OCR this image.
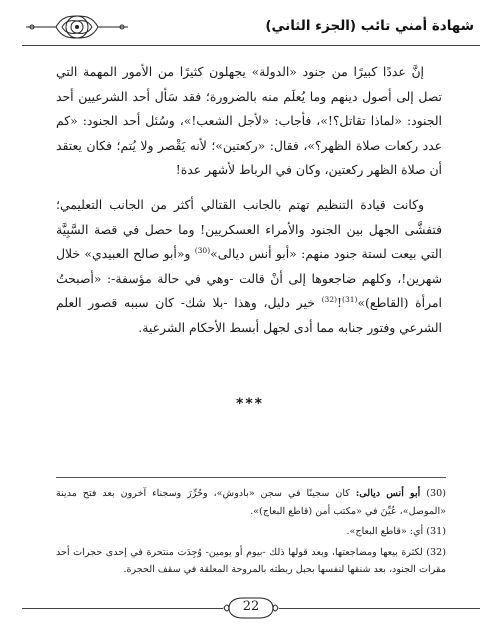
شهادة أمني تائب (الجزء الثاني)

إنَّ عددًا كبيرًا من جنود «الدولة» يجهلون كثيرًا من الأمور المهمة التي تصل إلى أصول دينهم وما يُعلَم منه بالضرورة؛ فقد سَأل أحد الشرعيين أحد الجنود: «لماذا تقاتل؟!»، فأجاب: «لأجل الشعب!»، وسُئل أحد الجنود: «كم عدد ركعات صلاة الظهر؟»، فقال: «ركعتين»؛ لأنه يَقْصر ولا يُتم؛ فكان يعتقد أن صلاة الظهر ركعتين، وكان في الرباط لأشهر عدة!

وكانت قيادة التنظيم تهتم بالجانب القتالي أكثر من الجانب التعليمي؛ فتفشَّى الجهل بين الجنود والأمراء العسكريين! وما حصل في قصة السَّبِيَّة التي بيعت لستة جنود منهم: «أبو أنس ديالى»$^{(30)}$ و«أبو صالح العبيدي» خلال شهرين!، وكلهم ضاجعوها إلى أنْ قالت -وهي في حالة مؤسفة-: «أصبحتُ امرأة (القاطع)»$^{(31)}$!$^{(32)}$ خير دليل، وهذا -بلا شك- كان سببه قصور العلم الشرعي وفتور جنابه مما أدى لجهل أبسط الأحكام الشرعية.

***

(30) أبو أنس ديالى: كان سجينًا في سجن «بادوش»، وحُرِّرَ وسجناء آخرون بعد فتح مدينة «الموصل»، عُيِّنَ في «مكتب أمن (قاطع البعاج)».

(31) أي: «قاطع البعاج».

(32) لكثرة بيعها ومضاجعتها، وبعد قولها ذلك -بيوم أو يومين- وُجِدَت منتحرة في إحدى حجرات أحد مقرات الجنود، بعد شنقها لنفسها بحبل ربطته بالمروحة المعلقة في سقف الحجرة.

22
